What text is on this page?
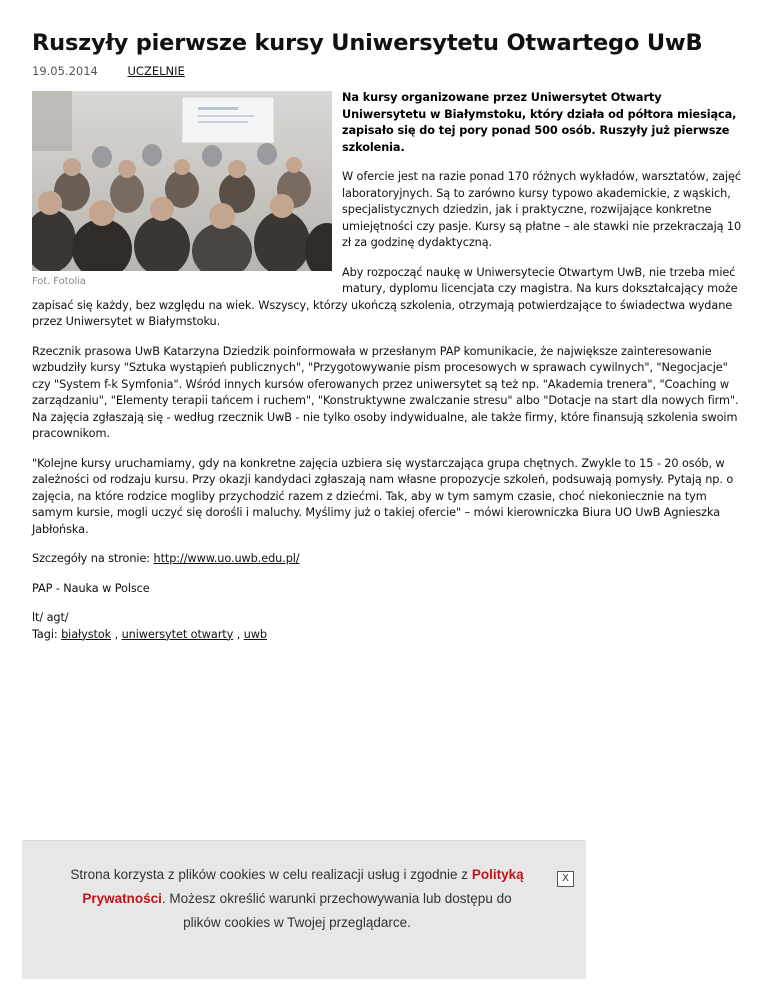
Ruszyły pierwsze kursy Uniwersytetu Otwartego UwB
19.05.2014	UCZELNIE
Fot. Fotolia

Na kursy organizowane przez Uniwersytet Otwarty Uniwersytetu w Białymstoku, który działa od półtora miesiąca, zapisało się do tej pory ponad 500 osób. Ruszyły już pierwsze szkolenia.

W ofercie jest na razie ponad 170 różnych wykładów, warsztatów, zajęć laboratoryjnych. Są to zarówno kursy typowo akademickie, z wąskich, specjalistycznych dziedzin, jak i praktyczne, rozwijające konkretne umiejętności czy pasje. Kursy są płatne – ale stawki nie przekraczają 10 zł za godzinę dydaktyczną.

Aby rozpocząć naukę w Uniwersytecie Otwartym UwB, nie trzeba mieć matury, dyplomu licencjata czy magistra. Na kurs dokształcający może zapisać się każdy, bez względu na wiek. Wszyscy, którzy ukończą szkolenia, otrzymają potwierdzające to świadectwa wydane przez Uniwersytet w Białymstoku.

Rzecznik prasowa UwB Katarzyna Dziedzik poinformowała w przesłanym PAP komunikacie, że największe zainteresowanie wzbudziły kursy "Sztuka wystąpień publicznych", "Przygotowywanie pism procesowych w sprawach cywilnych", "Negocjacje" czy "System f-k Symfonia". Wśród innych kursów oferowanych przez uniwersytet są też np. "Akademia trenera", "Coaching w zarządzaniu", "Elementy terapii tańcem i ruchem", "Konstruktywne zwalczanie stresu" albo "Dotacje na start dla nowych firm". Na zajęcia zgłaszają się - według rzecznik UwB - nie tylko osoby indywidualne, ale także firmy, które finansują szkolenia swoim pracownikom.

"Kolejne kursy uruchamiamy, gdy na konkretne zajęcia uzbiera się wystarczająca grupa chętnych. Zwykle to 15 - 20 osób, w zależności od rodzaju kursu. Przy okazji kandydaci zgłaszają nam własne propozycje szkoleń, podsuwają pomysły. Pytają np. o zajęcia, na które rodzice mogliby przychodzić razem z dziećmi. Tak, aby w tym samym czasie, choć niekoniecznie na tym samym kursie, mogli uczyć się dorośli i maluchy. Myślimy już o takiej ofercie" – mówi kierowniczka Biura UO UwB Agnieszka Jabłońska.

Szczegóły na stronie: http://www.uo.uwb.edu.pl/

PAP - Nauka w Polsce

lt/ agt/
Tagi: białystok , uniwersytet otwarty , uwb
Strona korzysta z plików cookies w celu realizacji usług i zgodnie z Polityką Prywatności. Możesz określić warunki przechowywania lub dostępu do plików cookies w Twojej przeglądarce.
X
